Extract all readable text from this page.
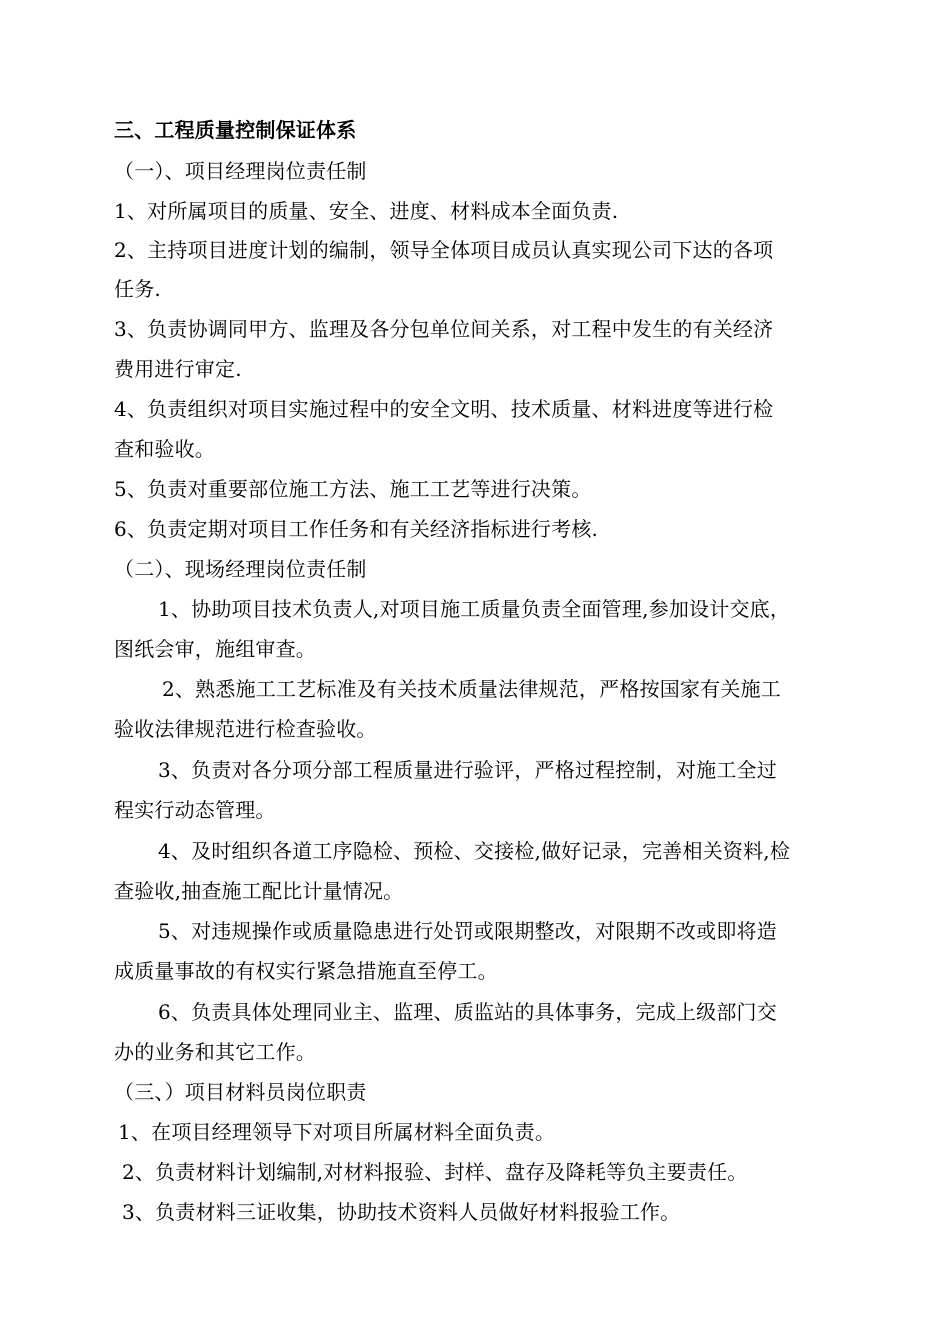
三、工程质量控制保证体系
（一）、项目经理岗位责任制
1、对所属项目的质量、安全、进度、材料成本全面负责.
2、主持项目进度计划的编制，领导全体项目成员认真实现公司下达的各项
任务.
3、负责协调同甲方、监理及各分包单位间关系，对工程中发生的有关经济
费用进行审定.
4、负责组织对项目实施过程中的安全文明、技术质量、材料进度等进行检
查和验收。
5、负责对重要部位施工方法、施工工艺等进行决策。
6、负责定期对项目工作任务和有关经济指标进行考核.
（二）、现场经理岗位责任制
1、协助项目技术负责人,对项目施工质量负责全面管理,参加设计交底，
图纸会审，施组审查。
2、熟悉施工工艺标准及有关技术质量法律规范，严格按国家有关施工
验收法律规范进行检查验收。
3、负责对各分项分部工程质量进行验评，严格过程控制，对施工全过
程实行动态管理。
4、及时组织各道工序隐检、预检、交接检,做好记录，完善相关资料,检
查验收,抽查施工配比计量情况。
5、对违规操作或质量隐患进行处罚或限期整改，对限期不改或即将造
成质量事故的有权实行紧急措施直至停工。
6、负责具体处理同业主、监理、质监站的具体事务，完成上级部门交
办的业务和其它工作。
（三、）项目材料员岗位职责
1、在项目经理领导下对项目所属材料全面负责。
2、负责材料计划编制,对材料报验、封样、盘存及降耗等负主要责任。
3、负责材料三证收集，协助技术资料人员做好材料报验工作。
